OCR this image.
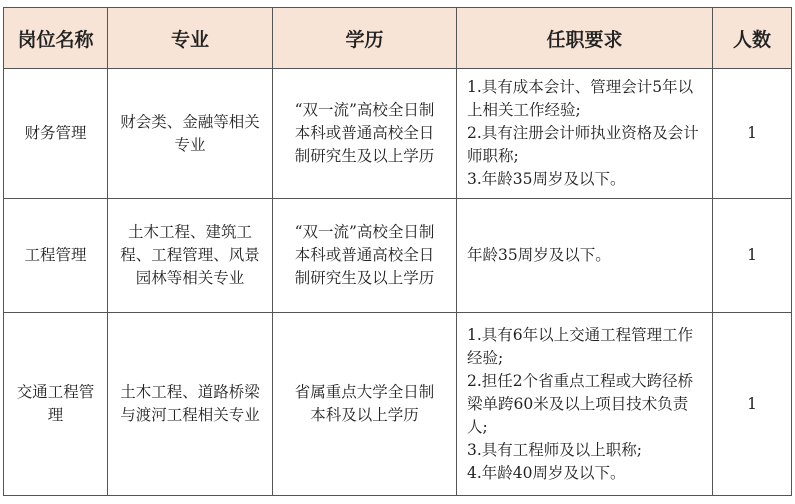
岗位名称	专业	学历	任职要求	人数
财务管理	财会类、金融等相关专业	“双一流”高校全日制本科或普通高校全日制研究生及以上学历	1.具有成本会计、管理会计5年以上相关工作经验;
2.具有注册会计师执业资格及会计师职称;
3.年龄35周岁及以下。	1
工程管理	土木工程、建筑工程、工程管理、风景园林等相关专业	“双一流”高校全日制本科或普通高校全日制研究生及以上学历	年龄35周岁及以下。	1

交通工程管理	土木工程、道路桥梁与渡河工程相关专业	省属重点大学全日制本科及以上学历	1.具有6年以上交通工程管理工作经验;
2.担任2个省重点工程或大跨径桥梁单跨60米及以上项目技术负责人;
3.具有工程师及以上职称;
4.年龄40周岁及以下。	1
